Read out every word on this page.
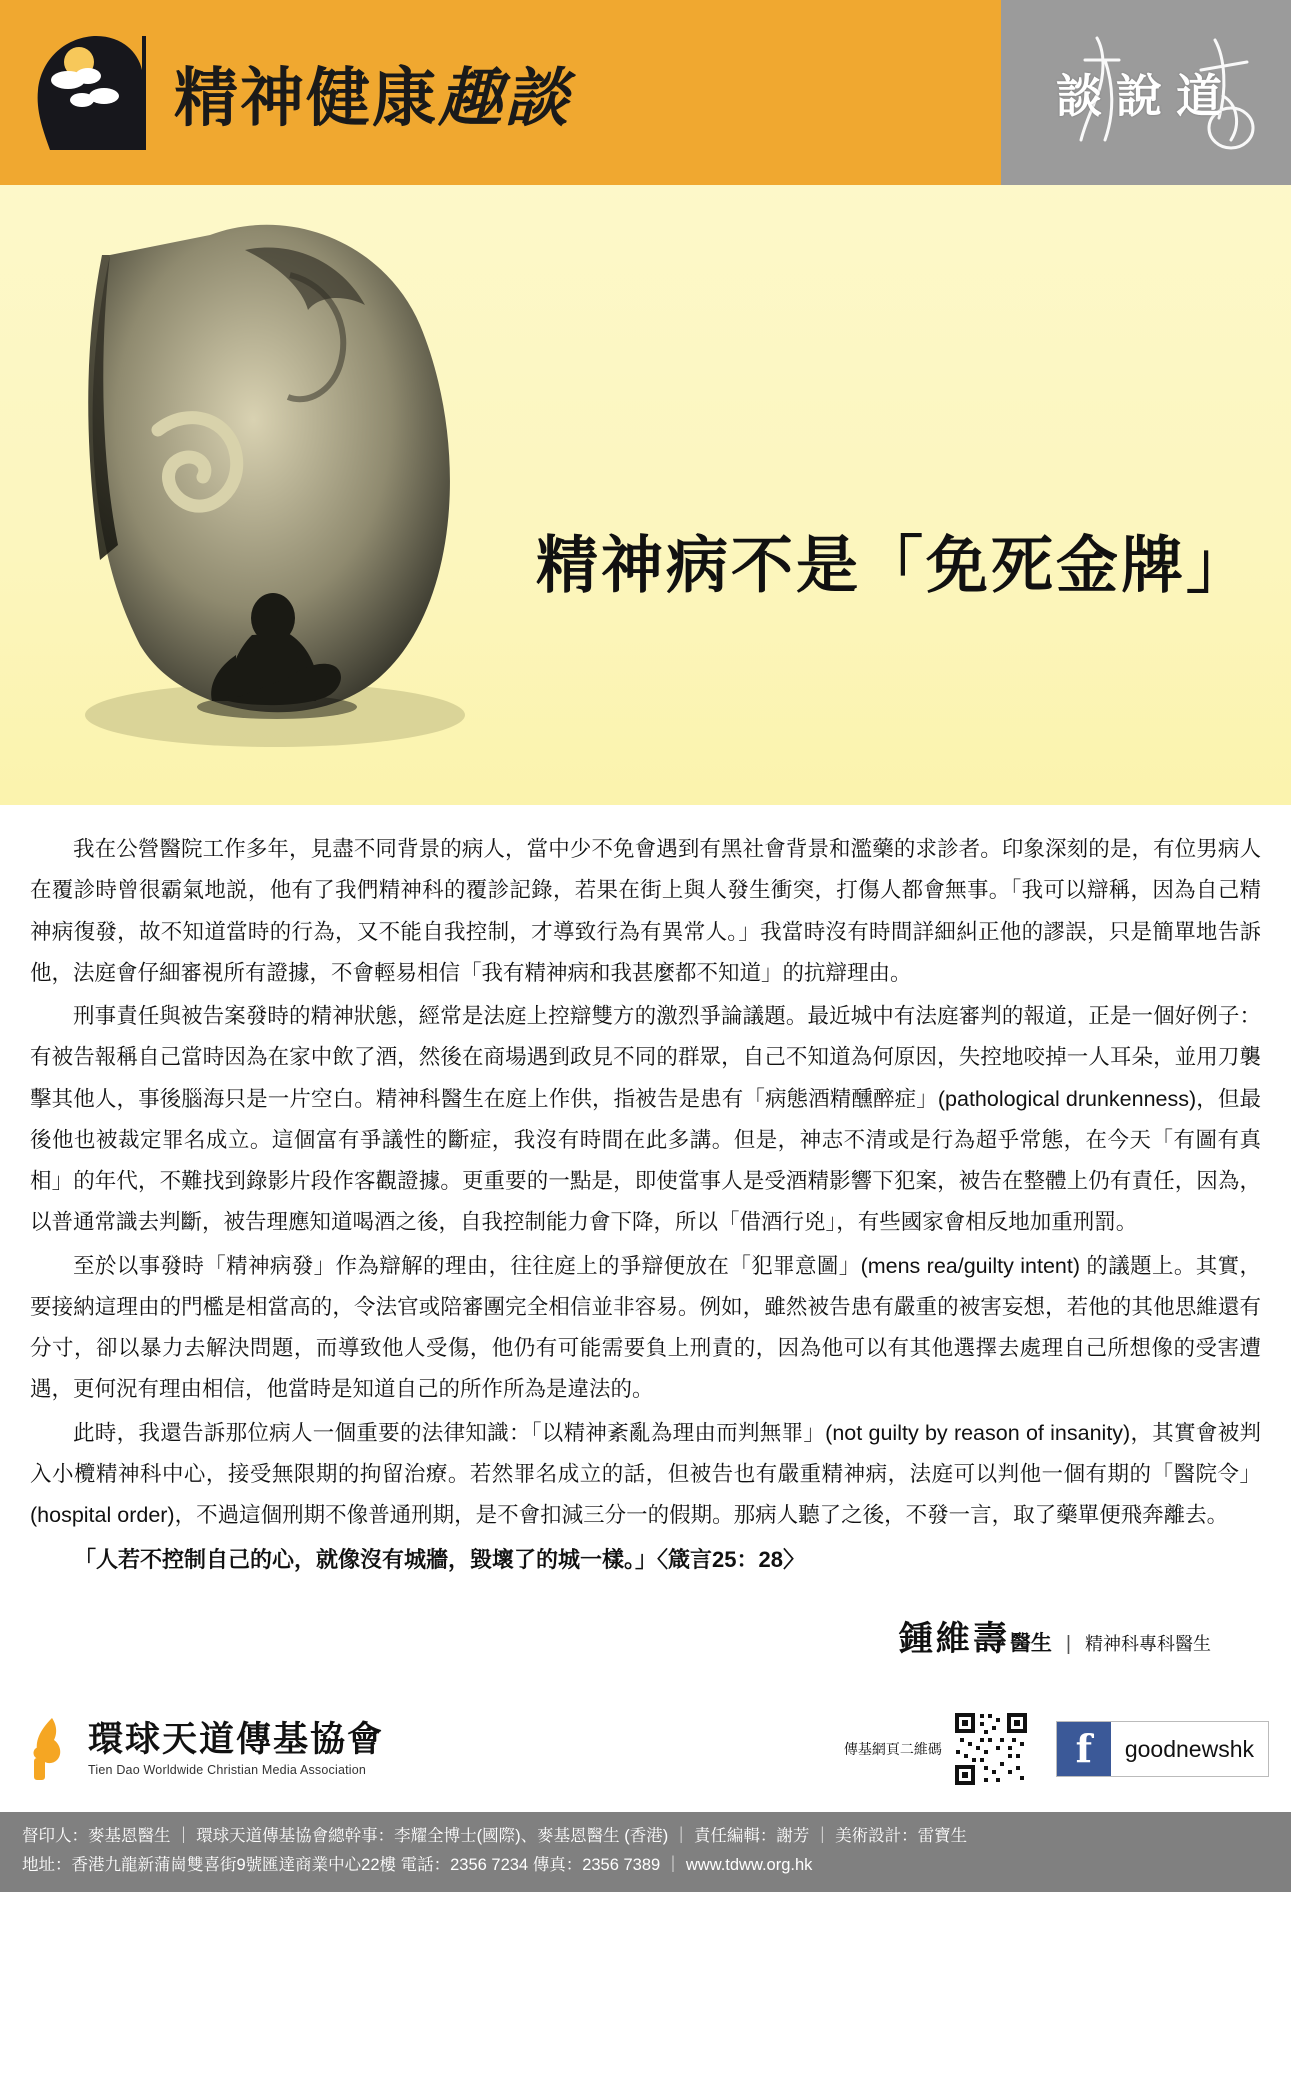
精神健康趣談	談說道
精神病不是「免死金牌」

我在公營醫院工作多年，見盡不同背景的病人，當中少不免會遇到有黑社會背景和濫藥的求診者。印象深刻的是，有位男病人在覆診時曾很霸氣地説，他有了我們精神科的覆診記錄，若果在街上與人發生衝突，打傷人都會無事。「我可以辯稱，因為自己精神病復發，故不知道當時的行為，又不能自我控制，才導致行為有異常人。」我當時沒有時間詳細糾正他的謬誤，只是簡單地告訴他，法庭會仔細審視所有證據，不會輕易相信「我有精神病和我甚麼都不知道」的抗辯理由。

刑事責任與被告案發時的精神狀態，經常是法庭上控辯雙方的激烈爭論議題。最近城中有法庭審判的報道，正是一個好例子：有被告報稱自己當時因為在家中飲了酒，然後在商場遇到政見不同的群眾，自己不知道為何原因，失控地咬掉一人耳朵，並用刀襲擊其他人，事後腦海只是一片空白。精神科醫生在庭上作供，指被告是患有「病態酒精醺醉症」(pathological drunkenness)，但最後他也被裁定罪名成立。這個富有爭議性的斷症，我沒有時間在此多講。但是，神志不清或是行為超乎常態，在今天「有圖有真相」的年代，不難找到錄影片段作客觀證據。更重要的一點是，即使當事人是受酒精影響下犯案，被告在整體上仍有責任，因為，以普通常識去判斷，被告理應知道喝酒之後，自我控制能力會下降，所以「借酒行兇」，有些國家會相反地加重刑罰。

至於以事發時「精神病發」作為辯解的理由，往往庭上的爭辯便放在「犯罪意圖」(mens rea/guilty intent) 的議題上。其實，要接納這理由的門檻是相當高的，令法官或陪審團完全相信並非容易。例如，雖然被告患有嚴重的被害妄想，若他的其他思維還有分寸，卻以暴力去解決問題，而導致他人受傷，他仍有可能需要負上刑責的，因為他可以有其他選擇去處理自己所想像的受害遭遇，更何況有理由相信，他當時是知道自己的所作所為是違法的。

此時，我還告訴那位病人一個重要的法律知識：「以精神紊亂為理由而判無罪」(not guilty by reason of insanity)，其實會被判入小欖精神科中心，接受無限期的拘留治療。若然罪名成立的話，但被告也有嚴重精神病，法庭可以判他一個有期的「醫院令」(hospital order)，不過這個刑期不像普通刑期，是不會扣減三分一的假期。那病人聽了之後，不發一言，取了藥單便飛奔離去。

「人若不控制自己的心，就像沒有城牆，毀壞了的城一樣。」〈箴言25：28〉

鍾維壽醫生 | 精神科專科醫生
環球天道傳基協會
Tien Dao Worldwide Christian Media Association
傳基網頁二維碼	f	goodnewshk
督印人：麥基恩醫生 ｜ 環球天道傳基協會總幹事：李耀全博士(國際)、麥基恩醫生 (香港) ｜ 責任編輯：謝芳 ｜ 美術設計：雷寶生
地址：香港九龍新蒲崗雙喜街9號匯達商業中心22樓 電話：2356 7234 傳真：2356 7389 ｜ www.tdww.org.hk
